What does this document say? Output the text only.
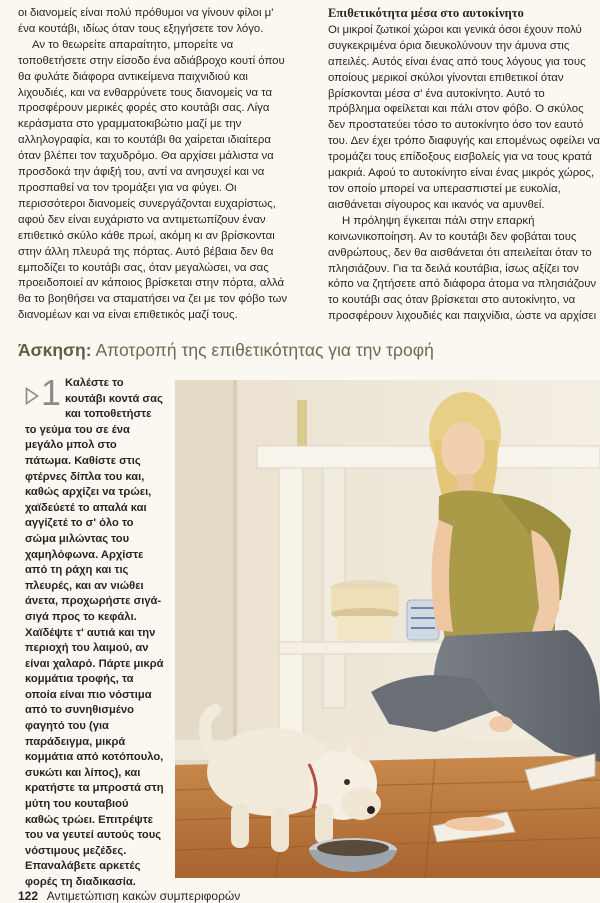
οι διανομείς είναι πολύ πρόθυμοι να γίνουν φίλοι μ' ένα κουτάβι, ιδίως όταν τους εξηγήσετε τον λόγο.

Αν το θεωρείτε απαραίτητο, μπορείτε να τοποθετήσετε στην είσοδο ένα αδιάβροχο κουτί όπου θα φυλάτε διάφορα αντικείμενα παιχνιδιού και λιχουδιές, και να ενθαρρύνετε τους διανομείς να τα προσφέρουν μερικές φορές στο κουτάβι σας. Λίγα κεράσματα στο γραμματοκιβώτιο μαζί με την αλληλογραφία, και το κουτάβι θα χαίρεται ιδιαίτερα όταν βλέπει τον ταχυδρόμο. Θα αρχίσει μάλιστα να προσδοκά την άφιξή του, αντί να ανησυχεί και να προσπαθεί να τον τρομάξει για να φύγει. Οι περισσότεροι διανομείς συνεργάζονται ευχαρίστως, αφού δεν είναι ευχάριστο να αντιμετωπίζουν έναν επιθετικό σκύλο κάθε πρωί, ακόμη κι αν βρίσκονται στην άλλη πλευρά της πόρτας. Αυτό βέβαια δεν θα εμποδίζει το κουτάβι σας, όταν μεγαλώσει, να σας προειδοποιεί αν κάποιος βρίσκεται στην πόρτα, αλλά θα το βοηθήσει να σταματήσει να ζει με τον φόβο των διανομέων και να είναι επιθετικός μαζί τους.

Επιθετικότητα μέσα στο αυτοκίνητο

Οι μικροί ζωτικοί χώροι και γενικά όσοι έχουν πολύ συγκεκριμένα όρια διευκολύνουν την άμυνα στις απειλές. Αυτός είναι ένας από τους λόγους για τους οποίους μερικοί σκύλοι γίνονται επιθετικοί όταν βρίσκονται μέσα σ' ένα αυτοκίνητο. Αυτό το πρόβλημα οφείλεται και πάλι στον φόβο. Ο σκύλος δεν προστατεύει τόσο το αυτοκίνητο όσο τον εαυτό του. Δεν έχει τρόπο διαφυγής και επομένως οφείλει να τρομάζει τους επίδοξους εισβολείς για να τους κρατά μακριά. Αφού το αυτοκίνητο είναι ένας μικρός χώρος, τον οποίο μπορεί να υπερασπιστεί με ευκολία, αισθάνεται σίγουρος και ικανός να αμυνθεί.

Η πρόληψη έγκειται πάλι στην επαρκή κοινωνικοποίηση. Αν το κουτάβι δεν φοβάται τους ανθρώπους, δεν θα αισθάνεται ότι απειλείται όταν το πλησιάζουν. Για τα δειλά κουτάβια, ίσως αξίζει τον κόπο να ζητήσετε από διάφορα άτομα να πλησιάζουν το κουτάβι σας όταν βρίσκεται στο αυτοκίνητο, να προσφέρουν λιχουδιές και παιχνίδια, ώστε να αρχίσει

Άσκηση: Αποτροπή της επιθετικότητας για την τροφή
1 Καλέστε το κουτάβι κοντά σας και τοποθετήστε το γεύμα του σε ένα μεγάλο μπολ στο πάτωμα. Καθίστε στις φτέρνες δίπλα του και, καθώς αρχίζει να τρώει, χαϊδεύετέ το απαλά και αγγίζετέ το σ' όλο το σώμα μιλώντας του χαμηλόφωνα. Αρχίστε από τη ράχη και τις πλευρές, και αν νιώθει άνετα, προχωρήστε σιγά-σιγά προς το κεφάλι. Χαϊδέψτε τ' αυτιά και την περιοχή του λαιμού, αν είναι χαλαρό. Πάρτε μικρά κομμάτια τροφής, τα οποία είναι πιο νόστιμα από το συνηθισμένο φαγητό του (για παράδειγμα, μικρά κομμάτια από κοτόπουλο, συκώτι και λίπος), και κρατήστε τα μπροστά στη μύτη του κουταβιού καθώς τρώει. Επιτρέψτε του να γευτεί αυτούς τους νόστιμους μεζέδες. Επαναλάβετε αρκετές φορές τη διαδικασία.
122 Αντιμετώπιση κακών συμπεριφορών
